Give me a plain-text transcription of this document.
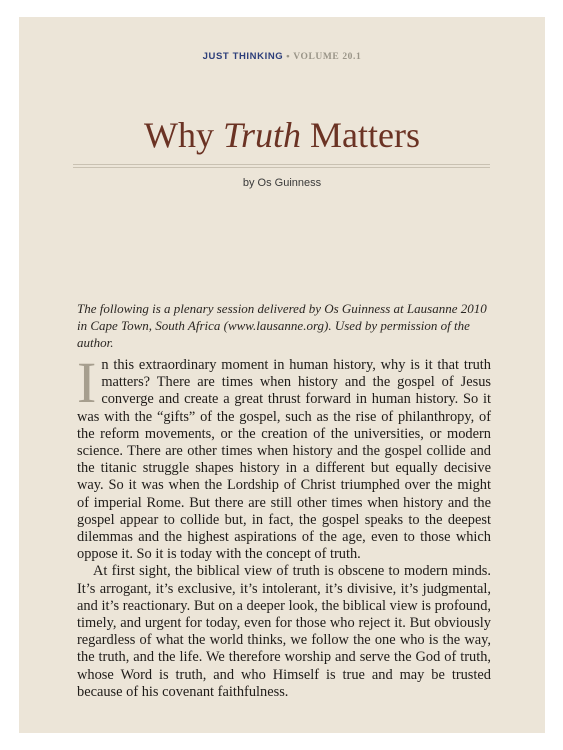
JUST THINKING • VOLUME 20.1
Why Truth Matters
by Os Guinness
The following is a plenary session delivered by Os Guinness at Lausanne 2010 in Cape Town, South Africa (www.lausanne.org). Used by permission of the author.

In this extraordinary moment in human history, why is it that truth matters? There are times when history and the gospel of Jesus converge and create a great thrust forward in human history. So it was with the “gifts” of the gospel, such as the rise of philanthropy, of the reform movements, or the creation of the universities, or modern science. There are other times when history and the gospel collide and the titanic struggle shapes history in a different but equally decisive way. So it was when the Lordship of Christ triumphed over the might of imperial Rome. But there are still other times when history and the gospel appear to collide but, in fact, the gospel speaks to the deepest dilemmas and the highest aspirations of the age, even to those which oppose it. So it is today with the concept of truth.

At first sight, the biblical view of truth is obscene to modern minds. It’s arrogant, it’s exclusive, it’s intolerant, it’s divisive, it’s judgmental, and it’s reactionary. But on a deeper look, the biblical view is profound, timely, and urgent for today, even for those who reject it. But obviously regardless of what the world thinks, we follow the one who is the way, the truth, and the life. We therefore worship and serve the God of truth, whose Word is truth, and who Himself is true and may be trusted because of his covenant faithfulness.
